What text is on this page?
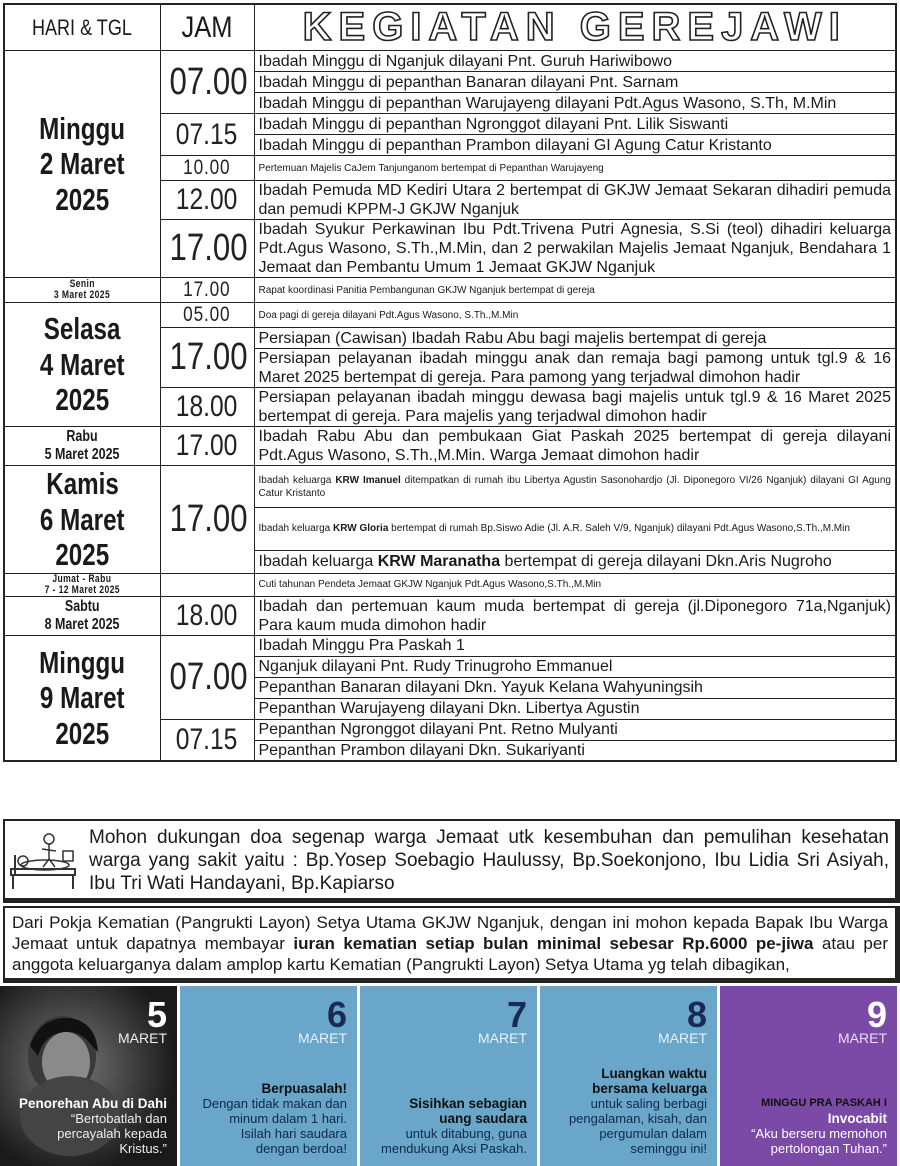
HARI & TGL	JAM	KEGIATAN GEREJAWI
Minggu
2 Maret 2025	07.00	Ibadah Minggu di Nganjuk dilayani Pnt. Guruh Hariwibowo
		Ibadah Minggu di pepanthan Banaran dilayani Pnt. Sarnam
		Ibadah Minggu di pepanthan Warujayeng dilayani Pdt.Agus Wasono, S.Th, M.Min
	07.15	Ibadah Minggu di pepanthan Ngronggot dilayani Pnt. Lilik Siswanti
		Ibadah Minggu di pepanthan Prambon dilayani GI Agung Catur Kristanto
	10.00	Pertemuan Majelis CaJem Tanjunganom bertempat di Pepanthan Warujayeng
	12.00	Ibadah Pemuda MD Kediri Utara 2 bertempat di GKJW Jemaat Sekaran dihadiri pemuda dan pemudi KPPM-J GKJW Nganjuk
	17.00	Ibadah Syukur Perkawinan Ibu Pdt.Trivena Putri Agnesia, S.Si (teol) dihadiri keluarga Pdt.Agus Wasono, S.Th.,M.Min, dan 2 perwakilan Majelis Jemaat Nganjuk, Bendahara 1 Jemaat dan Pembantu Umum 1 Jemaat GKJW Nganjuk
Senin
3 Maret 2025	17.00	Rapat koordinasi Panitia Pembangunan GKJW Nganjuk bertempat di gereja
Selasa
4 Maret 2025	05.00	Doa pagi di gereja dilayani Pdt.Agus Wasono, S.Th.,M.Min
	17.00	Persiapan (Cawisan) Ibadah Rabu Abu bagi majelis bertempat di gereja
		Persiapan pelayanan ibadah minggu anak dan remaja bagi pamong untuk tgl.9 & 16 Maret 2025 bertempat di gereja. Para pamong yang terjadwal dimohon hadir
	18.00	Persiapan pelayanan ibadah minggu dewasa bagi majelis untuk tgl.9 & 16 Maret 2025 bertempat di gereja. Para majelis yang terjadwal dimohon hadir
Rabu
5 Maret 2025	17.00	Ibadah Rabu Abu dan pembukaan Giat Paskah 2025 bertempat di gereja dilayani Pdt.Agus Wasono, S.Th.,M.Min. Warga Jemaat dimohon hadir
Kamis
6 Maret 2025	17.00	Ibadah keluarga KRW Imanuel ditempatkan di rumah ibu Libertya Agustin Sasonohardjo (Jl. Diponegoro VI/26 Nganjuk) dilayani GI Agung Catur Kristanto
		Ibadah keluarga KRW Gloria bertempat di rumah Bp.Siswo Adie (Jl. A.R. Saleh V/9, Nganjuk) dilayani Pdt.Agus Wasono,S.Th.,M.Min
		Ibadah keluarga KRW Maranatha bertempat di gereja dilayani Dkn.Aris Nugroho
Jumat - Rabu
7 - 12 Maret 2025		Cuti tahunan Pendeta Jemaat GKJW Nganjuk Pdt.Agus Wasono,S.Th.,M.Min
Sabtu
8 Maret 2025	18.00	Ibadah dan pertemuan kaum muda bertempat di gereja (jl.Diponegoro 71a,Nganjuk) Para kaum muda dimohon hadir
Minggu
9 Maret 2025	07.00	Ibadah Minggu Pra Paskah 1
		Nganjuk dilayani Pnt. Rudy Trinugroho Emmanuel
		Pepanthan Banaran dilayani Dkn. Yayuk Kelana Wahyuningsih
		Pepanthan Warujayeng dilayani Dkn. Libertya Agustin
	07.15	Pepanthan Ngronggot dilayani Pnt. Retno Mulyanti
		Pepanthan Prambon dilayani Dkn. Sukariyanti
Mohon dukungan doa segenap warga Jemaat utk kesembuhan dan pemulihan kesehatan warga yang sakit yaitu : Bp.Yosep Soebagio Haulussy, Bp.Soekonjono, Ibu Lidia Sri Asiyah, Ibu Tri Wati Handayani, Bp.Kapiarso
Dari Pokja Kematian (Pangrukti Layon) Setya Utama GKJW Nganjuk, dengan ini mohon kepada Bapak Ibu Warga Jemaat untuk dapatnya membayar iuran kematian setiap bulan minimal sebesar Rp.6000 pe-jiwa atau per anggota keluarganya dalam amplop kartu Kematian (Pangrukti Layon) Setya Utama yg telah dibagikan,
5
MARET
Penorehan Abu di Dahi
“Bertobatlah dan percayalah kepada Kristus.”
6
MARET
Berpuasalah!
Dengan tidak makan dan minum dalam 1 hari. Isilah hari saudara dengan berdoa!
7
MARET
Sisihkan sebagian uang saudara
untuk ditabung, guna mendukung Aksi Paskah.
8
MARET
Luangkan waktu bersama keluarga
untuk saling berbagi pengalaman, kisah, dan pergumulan dalam seminggu ini!
9
MARET
MINGGU PRA PASKAH I
Invocabit
“Aku berseru memohon pertolongan Tuhan.”
